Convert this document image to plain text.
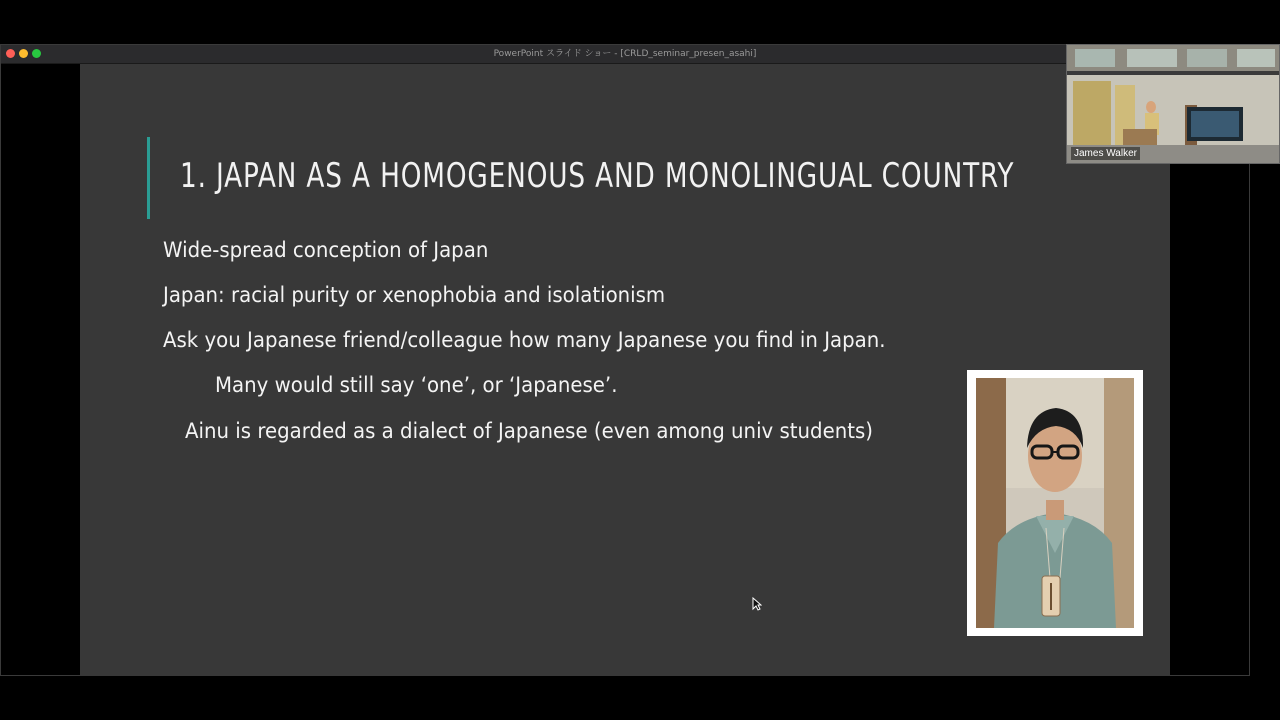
PowerPoint スライド ショー - [CRLD_seminar_presen_asahi]
1. JAPAN AS A HOMOGENOUS AND MONOLINGUAL COUNTRY
Wide-spread conception of Japan
Japan: racial purity or xenophobia and isolationism
Ask you Japanese friend/colleague how many Japanese you find in Japan.
Many would still say ‘one’, or ‘Japanese’.
Ainu is regarded as a dialect of Japanese (even among univ students)
James Walker
